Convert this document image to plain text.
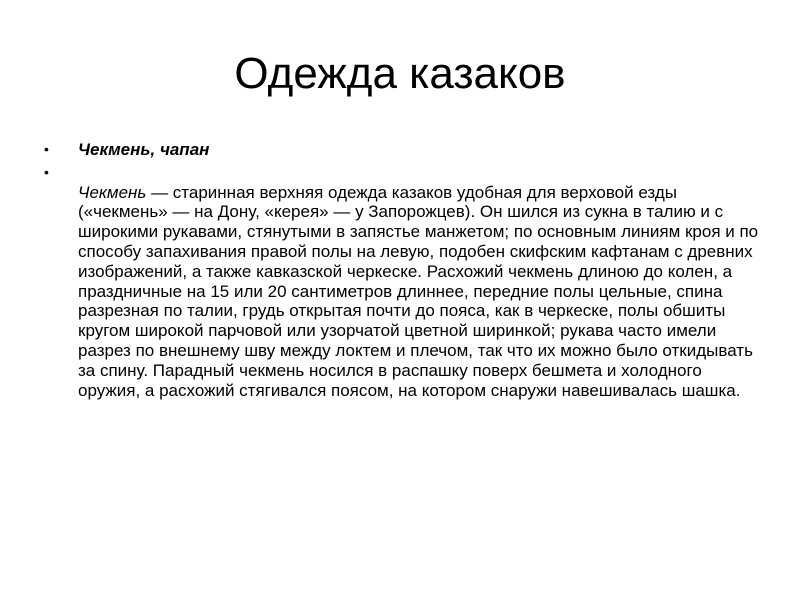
Одежда казаков
• Чекмень, чапан
•
Чекмень — старинная верхняя одежда казаков удобная для верховой езды («чекмень» — на Дону, «керея» — у Запорожцев). Он шился из сукна в талию и с широкими рукавами, стянутыми в запястье манжетом; по основным линиям кроя и по способу запахивания правой полы на левую, подобен скифским кафтанам с древних изображений, а также кавказской черкеске. Расхожий чекмень длиною до колен, а праздничные на 15 или 20 сантиметров длиннее, передние полы цельные, спина разрезная по талии, грудь открытая почти до пояса, как в черкеске, полы обшиты кругом широкой парчовой или узорчатой цветной ширинкой; рукава часто имели разрез по внешнему шву между локтем и плечом, так что их можно было откидывать за спину. Парадный чекмень носился в распашку поверх бешмета и холодного оружия, а расхожий стягивался поясом, на котором снаружи навешивалась шашка.
